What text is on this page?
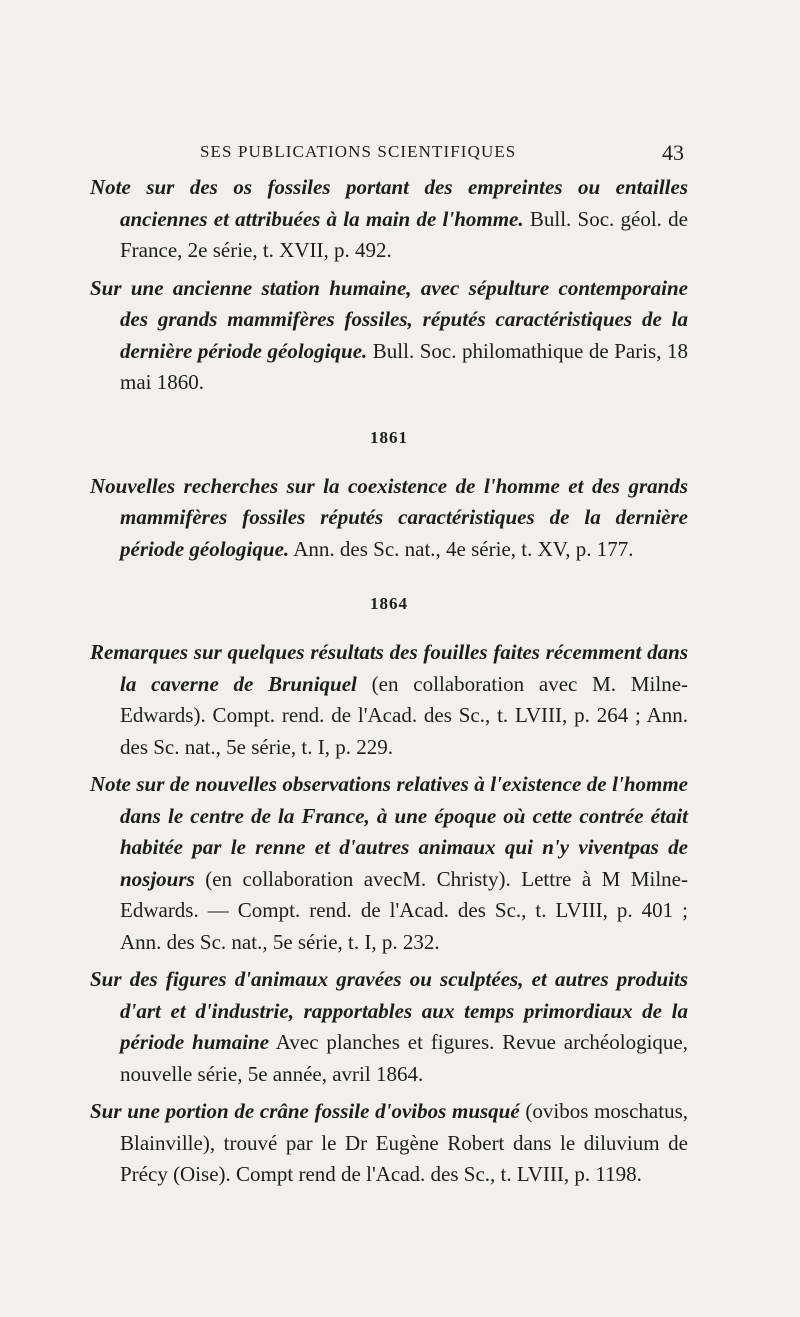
SES PUBLICATIONS SCIENTIFIQUES	43

Note sur des os fossiles portant des empreintes ou entailles anciennes et attribuées à la main de l'homme. Bull. Soc. géol. de France, 2e série, t. XVII, p. 492.

Sur une ancienne station humaine, avec sépulture contemporaine des grands mammifères fossiles, réputés caractéristiques de la dernière période géologique. Bull. Soc. philomathique de Paris, 18 mai 1860.

1861

Nouvelles recherches sur la coexistence de l'homme et des grands mammifères fossiles réputés caractéristiques de la dernière période géologique. Ann. des Sc. nat., 4e série, t. XV, p. 177.

1864

Remarques sur quelques résultats des fouilles faites récemment dans la caverne de Bruniquel (en collaboration avec M. Milne-Edwards). Compt. rend. de l'Acad. des Sc., t. LVIII, p. 264 ; Ann. des Sc. nat., 5e série, t. I, p. 229.

Note sur de nouvelles observations relatives à l'existence de l'homme dans le centre de la France, à une époque où cette contrée était habitée par le renne et d'autres animaux qui n'y viventpas de nosjours (en collaboration avecM. Christy). Lettre à M Milne-Edwards. — Compt. rend. de l'Acad. des Sc., t. LVIII, p. 401 ; Ann. des Sc. nat., 5e série, t. I, p. 232.

Sur des figures d'animaux gravées ou sculptées, et autres produits d'art et d'industrie, rapportables aux temps primordiaux de la période humaine Avec planches et figures. Revue archéologique, nouvelle série, 5e année, avril 1864.

Sur une portion de crâne fossile d'ovibos musqué (ovibos moschatus, Blainville), trouvé par le Dr Eugène Robert dans le diluvium de Précy (Oise). Compt rend de l'Acad. des Sc., t. LVIII, p. 1198.
